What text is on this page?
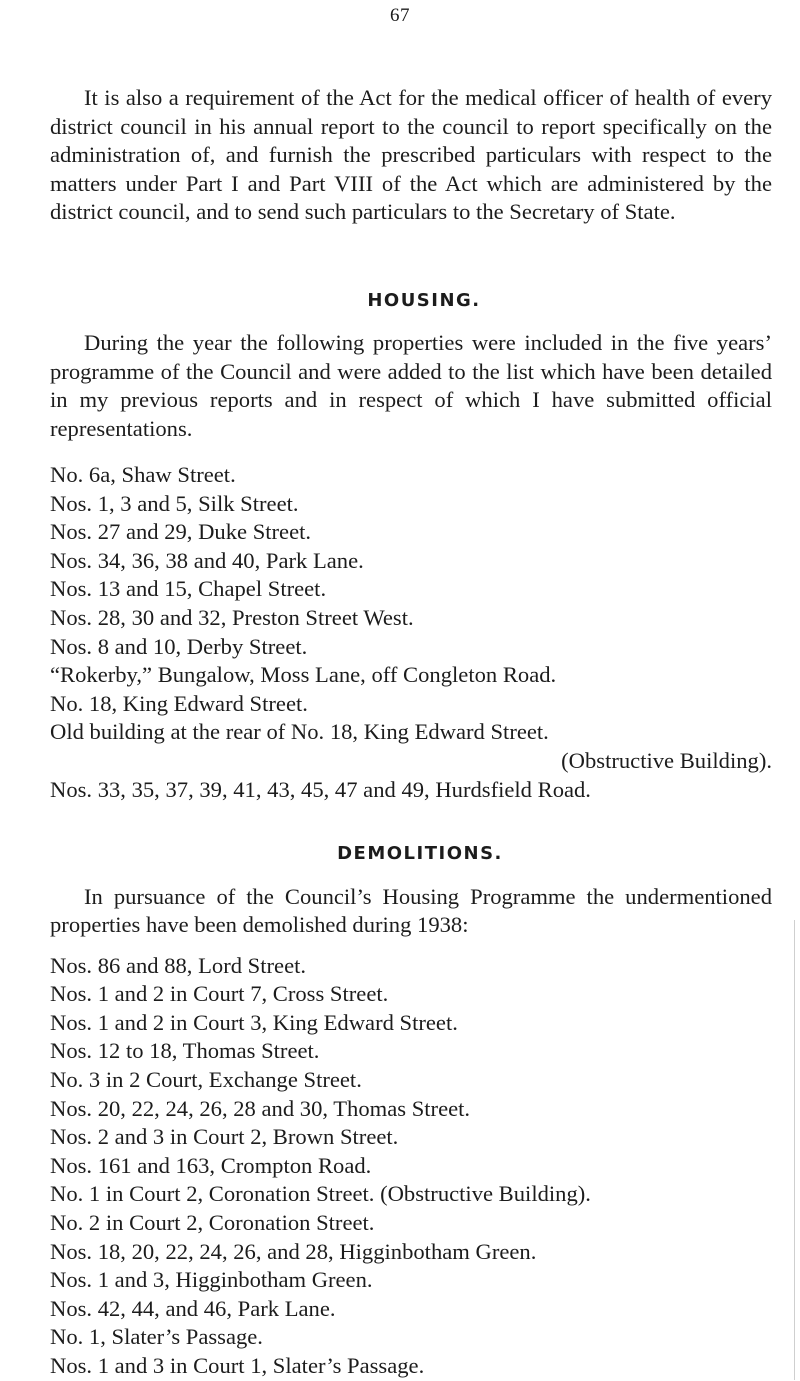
67

It is also a requirement of the Act for the medical officer of health of every district council in his annual report to the council to report specifically on the administration of, and furnish the prescribed particulars with respect to the matters under Part I and Part VIII of the Act which are administered by the district council, and to send such particulars to the Secretary of State.

HOUSING.

During the year the following properties were included in the five years’ programme of the Council and were added to the list which have been detailed in my previous reports and in respect of which I have submitted official representations.

No. 6a, Shaw Street.
Nos. 1, 3 and 5, Silk Street.
Nos. 27 and 29, Duke Street.
Nos. 34, 36, 38 and 40, Park Lane.
Nos. 13 and 15, Chapel Street.
Nos. 28, 30 and 32, Preston Street West.
Nos. 8 and 10, Derby Street.
“Rokerby,” Bungalow, Moss Lane, off Congleton Road.
No. 18, King Edward Street.
Old building at the rear of No. 18, King Edward Street.
(Obstructive Building).
Nos. 33, 35, 37, 39, 41, 43, 45, 47 and 49, Hurdsfield Road.
DEMOLITIONS.

In pursuance of the Council’s Housing Programme the undermentioned properties have been demolished during 1938:

Nos. 86 and 88, Lord Street.
Nos. 1 and 2 in Court 7, Cross Street.
Nos. 1 and 2 in Court 3, King Edward Street.
Nos. 12 to 18, Thomas Street.
No. 3 in 2 Court, Exchange Street.
Nos. 20, 22, 24, 26, 28 and 30, Thomas Street.
Nos. 2 and 3 in Court 2, Brown Street.
Nos. 161 and 163, Crompton Road.
No. 1 in Court 2, Coronation Street. (Obstructive Building).
No. 2 in Court 2, Coronation Street.
Nos. 18, 20, 22, 24, 26, and 28, Higginbotham Green.
Nos. 1 and 3, Higginbotham Green.
Nos. 42, 44, and 46, Park Lane.
No. 1, Slater’s Passage.
Nos. 1 and 3 in Court 1, Slater’s Passage.
